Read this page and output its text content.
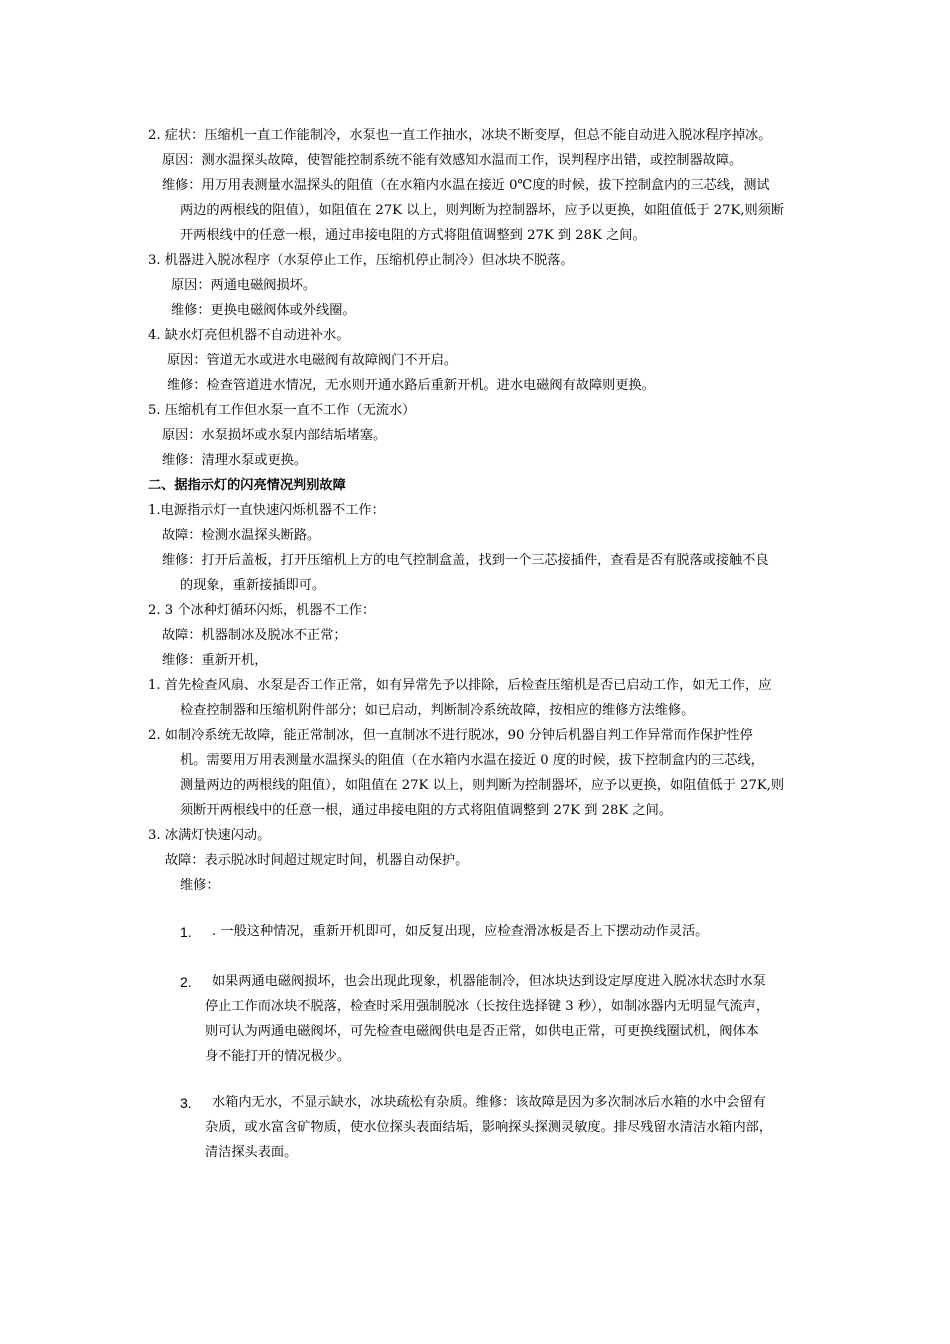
2. 症状：压缩机一直工作能制冷，水泵也一直工作抽水，冰块不断变厚，但总不能自动进入脱冰程序掉冰。
原因：测水温探头故障，使智能控制系统不能有效感知水温而工作，误判程序出错，或控制器故障。
维修：用万用表测量水温探头的阻值（在水箱内水温在接近 0℃度的时候，拔下控制盒内的三芯线，测试
两边的两根线的阻值），如阻值在 27K 以上，则判断为控制器坏，应予以更换，如阻值低于 27K,则须断
开两根线中的任意一根，通过串接电阻的方式将阻值调整到 27K 到 28K 之间。
3. 机器进入脱冰程序（水泵停止工作，压缩机停止制冷）但冰块不脱落。
原因：两通电磁阀损坏。
维修：更换电磁阀体或外线圈。
4. 缺水灯亮但机器不自动进补水。
原因：管道无水或进水电磁阀有故障阀门不开启。
维修：检查管道进水情况，无水则开通水路后重新开机。进水电磁阀有故障则更换。
5. 压缩机有工作但水泵一直不工作（无流水）
原因：水泵损坏或水泵内部结垢堵塞。
维修：清理水泵或更换。
二、据指示灯的闪亮情况判别故障
1.电源指示灯一直快速闪烁机器不工作：
故障：检测水温探头断路。
维修：打开后盖板，打开压缩机上方的电气控制盒盖，找到一个三芯接插件，查看是否有脱落或接触不良
的现象，重新接插即可。
2. 3 个冰种灯循环闪烁，机器不工作：
故障：机器制冰及脱冰不正常；
维修：重新开机，
1. 首先检查风扇、水泵是否工作正常，如有异常先予以排除，后检查压缩机是否已启动工作，如无工作，应
检查控制器和压缩机附件部分；如已启动，判断制冷系统故障，按相应的维修方法维修。
2. 如制冷系统无故障，能正常制冰，但一直制冰不进行脱冰，90 分钟后机器自判工作异常而作保护性停
机。需要用万用表测量水温探头的阻值（在水箱内水温在接近 0 度的时候，拔下控制盒内的三芯线，
测量两边的两根线的阻值），如阻值在 27K 以上，则判断为控制器坏，应予以更换，如阻值低于 27K,则
须断开两根线中的任意一根，通过串接电阻的方式将阻值调整到 27K 到 28K 之间。
3. 冰满灯快速闪动。
故障：表示脱冰时间超过规定时间，机器自动保护。
维修：
1. . 一般这种情况，重新开机即可，如反复出现，应检查滑冰板是否上下摆动动作灵活。
2. 如果两通电磁阀损坏，也会出现此现象，机器能制冷，但冰块达到设定厚度进入脱冰状态时水泵
停止工作而冰块不脱落，检查时采用强制脱冰（长按住选择键 3 秒），如制冰器内无明显气流声，
则可认为两通电磁阀坏，可先检查电磁阀供电是否正常，如供电正常，可更换线圈试机，阀体本
身不能打开的情况极少。
3. 水箱内无水，不显示缺水，冰块疏松有杂质。维修：该故障是因为多次制冰后水箱的水中会留有
杂质，或水富含矿物质，使水位探头表面结垢，影响探头探测灵敏度。排尽残留水清洁水箱内部，
清洁探头表面。
